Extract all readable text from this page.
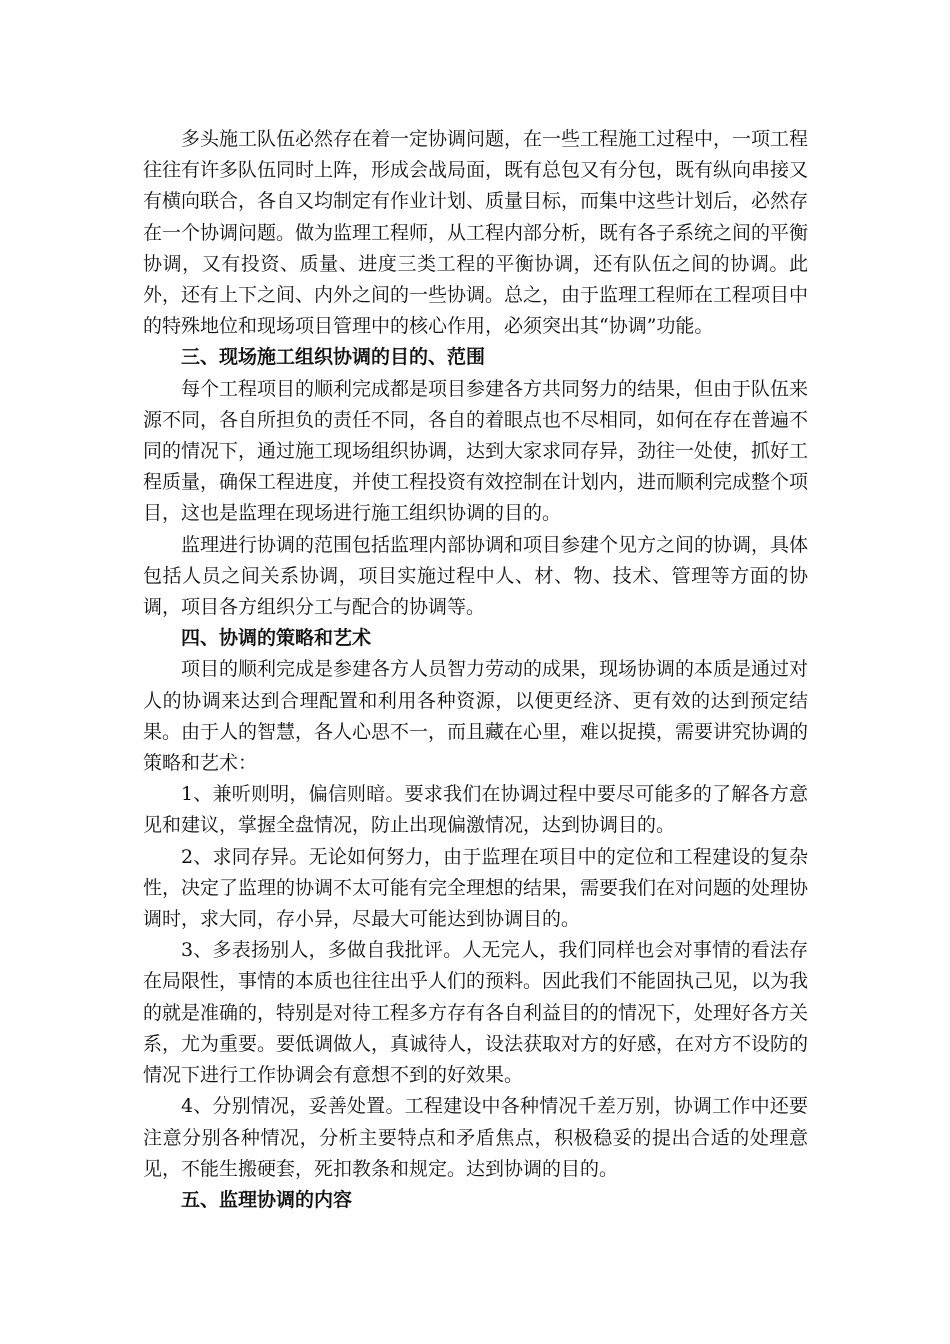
多头施工队伍必然存在着一定协调问题，在一些工程施工过程中，一项工程往往有许多队伍同时上阵，形成会战局面，既有总包又有分包，既有纵向串接又有横向联合，各自又均制定有作业计划、质量目标，而集中这些计划后，必然存在一个协调问题。做为监理工程师，从工程内部分析，既有各子系统之间的平衡协调，又有投资、质量、进度三类工程的平衡协调，还有队伍之间的协调。此外，还有上下之间、内外之间的一些协调。总之，由于监理工程师在工程项目中的特殊地位和现场项目管理中的核心作用，必须突出其“协调”功能。

三、现场施工组织协调的目的、范围

每个工程项目的顺利完成都是项目参建各方共同努力的结果，但由于队伍来源不同，各自所担负的责任不同，各自的着眼点也不尽相同，如何在存在普遍不同的情况下，通过施工现场组织协调，达到大家求同存异，劲往一处使，抓好工程质量，确保工程进度，并使工程投资有效控制在计划内，进而顺利完成整个项目，这也是监理在现场进行施工组织协调的目的。

监理进行协调的范围包括监理内部协调和项目参建个见方之间的协调，具体包括人员之间关系协调，项目实施过程中人、材、物、技术、管理等方面的协调，项目各方组织分工与配合的协调等。

四、协调的策略和艺术

项目的顺利完成是参建各方人员智力劳动的成果，现场协调的本质是通过对人的协调来达到合理配置和利用各种资源，以便更经济、更有效的达到预定结果。由于人的智慧，各人心思不一，而且藏在心里，难以捉摸，需要讲究协调的策略和艺术：

1、兼听则明，偏信则暗。要求我们在协调过程中要尽可能多的了解各方意见和建议，掌握全盘情况，防止出现偏激情况，达到协调目的。

2、求同存异。无论如何努力，由于监理在项目中的定位和工程建设的复杂性，决定了监理的协调不太可能有完全理想的结果，需要我们在对问题的处理协调时，求大同，存小异，尽最大可能达到协调目的。

3、多表扬别人，多做自我批评。人无完人，我们同样也会对事情的看法存在局限性，事情的本质也往往出乎人们的预料。因此我们不能固执己见，以为我的就是准确的，特别是对待工程多方存有各自利益目的的情况下，处理好各方关系，尤为重要。要低调做人，真诚待人，设法获取对方的好感，在对方不设防的情况下进行工作协调会有意想不到的好效果。

4、分别情况，妥善处置。工程建设中各种情况千差万别，协调工作中还要注意分别各种情况，分析主要特点和矛盾焦点，积极稳妥的提出合适的处理意见，不能生搬硬套，死扣教条和规定。达到协调的目的。

五、监理协调的内容
